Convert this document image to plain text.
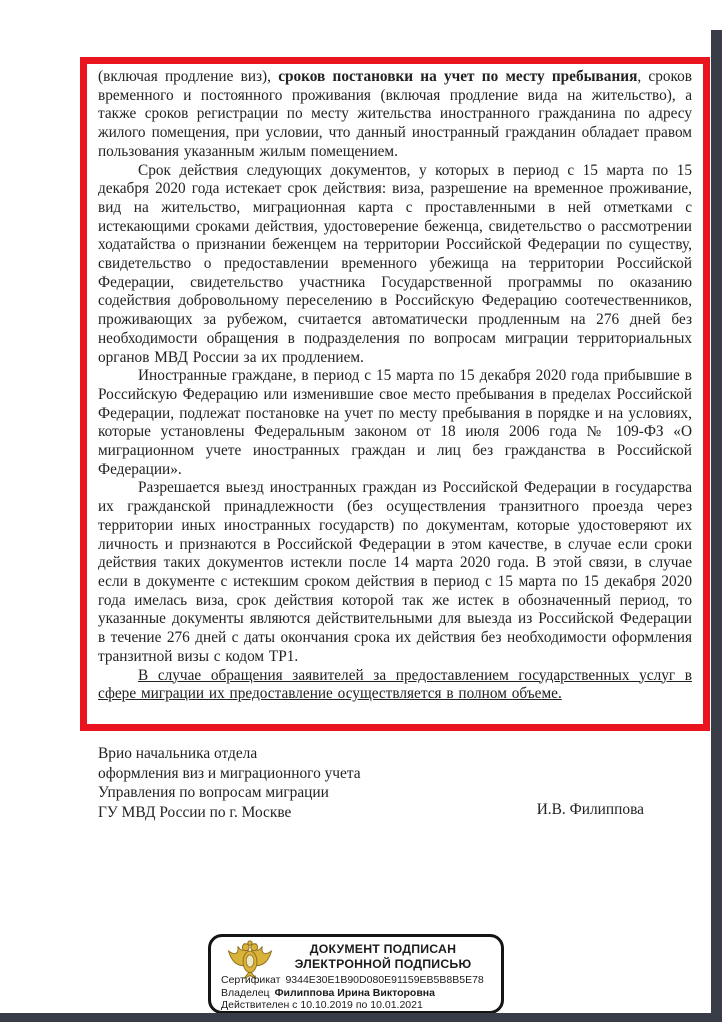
(включая продление виз), сроков постановки на учет по месту пребывания, сроков временного и постоянного проживания (включая продление вида на жительство), а также сроков регистрации по месту жительства иностранного гражданина по адресу жилого помещения, при условии, что данный иностранный гражданин обладает правом пользования указанным жилым помещением.

Срок действия следующих документов, у которых в период с 15 марта по 15 декабря 2020 года истекает срок действия: виза, разрешение на временное проживание, вид на жительство, миграционная карта с проставленными в ней отметками с истекающими сроками действия, удостоверение беженца, свидетельство о рассмотрении ходатайства о признании беженцем на территории Российской Федерации по существу, свидетельство о предоставлении временного убежища на территории Российской Федерации, свидетельство участника Государственной программы по оказанию содействия добровольному переселению в Российскую Федерацию соотечественников, проживающих за рубежом, считается автоматически продленным на 276 дней без необходимости обращения в подразделения по вопросам миграции территориальных органов МВД России за их продлением.

Иностранные граждане, в период с 15 марта по 15 декабря 2020 года прибывшие в Российскую Федерацию или изменившие свое место пребывания в пределах Российской Федерации, подлежат постановке на учет по месту пребывания в порядке и на условиях, которые установлены Федеральным законом от 18 июля 2006 года № 109-ФЗ «О миграционном учете иностранных граждан и лиц без гражданства в Российской Федерации».

Разрешается выезд иностранных граждан из Российской Федерации в государства их гражданской принадлежности (без осуществления транзитного проезда через территории иных иностранных государств) по документам, которые удостоверяют их личность и признаются в Российской Федерации в этом качестве, в случае если сроки действия таких документов истекли после 14 марта 2020 года. В этой связи, в случае если в документе с истекшим сроком действия в период с 15 марта по 15 декабря 2020 года имелась виза, срок действия которой так же истек в обозначенный период, то указанные документы являются действительными для выезда из Российской Федерации в течение 276 дней с даты окончания срока их действия без необходимости оформления транзитной визы с кодом ТР1.

В случае обращения заявителей за предоставлением государственных услуг в сфере миграции их предоставление осуществляется в полном объеме.

Врио начальника отдела
оформления виз и миграционного учета
Управления по вопросам миграции
ГУ МВД России по г. Москве	И.В. Филиппова
ДОКУМЕНТ ПОДПИСАН
ЭЛЕКТРОННОЙ ПОДПИСЬЮ
Сертификат 9344E30E1B90D080E91159EB5B8B5E78
Владелец Филиппова Ирина Викторовна
Действителен с 10.10.2019 по 10.01.2021
